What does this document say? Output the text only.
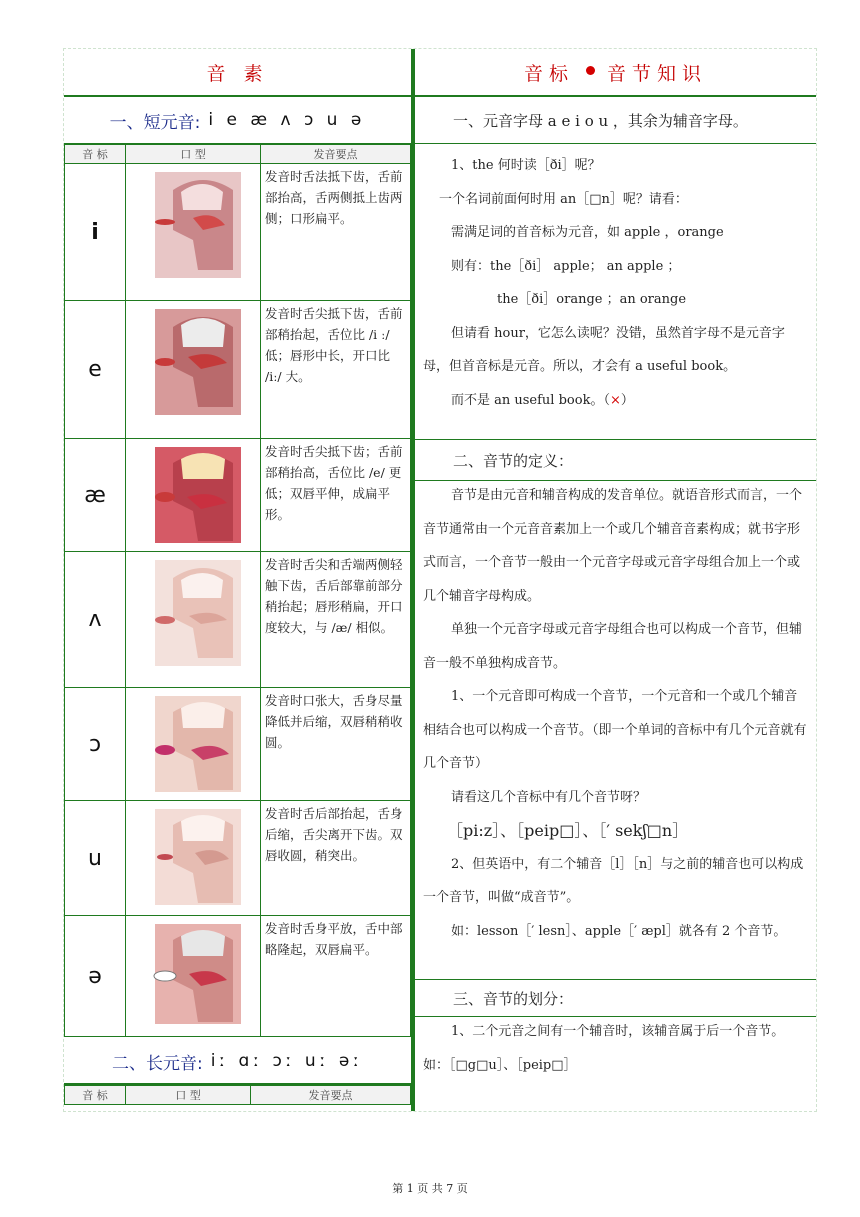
音 素
一、短元音: i e æ ʌ ɔ u ə
音 标	口 型	发音要点
i		发音时舌法抵下齿，舌前部抬高，舌两侧抵上齿两侧；口形扁平。
e		发音时舌尖抵下齿，舌前部稍抬起，舌位比 /i ː/ 低；唇形中长，开口比 /iː/ 大。
æ		发音时舌尖抵下齿；舌前部稍抬高，舌位比 /e/ 更低；双唇平伸，成扁平形。
ʌ		发音时舌尖和舌端两侧轻触下齿，舌后部靠前部分稍抬起；唇形稍扁，开口度较大，与 /æ/ 相似。
ɔ		发音时口张大，舌身尽量降低并后缩，双唇稍稍收圆。
u		发音时舌后部抬起，舌身后缩，舌尖离开下齿。双唇收圆，稍突出。
ə		发音时舌身平放，舌中部略隆起，双唇扁平。
二、长元音: iː ɑː ɔː uː əː
音 标	口 型	发音要点
音标 音节知识
一、元音字母 a e i o u ，其余为辅音字母。

1、the 何时读［ði］呢？

一个名词前面何时用 an［□n］呢？请看：

需满足词的首音标为元音，如 apple ，orange

则有：the［ði］ apple； an apple ；

the［ði］orange ；an orange

但请看 hour，它怎么读呢？没错，虽然首字母不是元音字母，但首音标是元音。所以，才会有 a useful book。

而不是 an useful book。（×）

二、音节的定义：

音节是由元音和辅音构成的发音单位。就语音形式而言，一个音节通常由一个元音音素加上一个或几个辅音音素构成；就书字形式而言，一个音节一般由一个元音字母或元音字母组合加上一个或几个辅音字母构成。

单独一个元音字母或元音字母组合也可以构成一个音节，但辅音一般不单独构成音节。

1、一个元音即可构成一个音节，一个元音和一个或几个辅音相结合也可以构成一个音节。（即一个单词的音标中有几个元音就有几个音节）

请看这几个音标中有几个音节呀？

［pi:z］、［peip□］、［′ sekʃ□n］

2、但英语中，有二个辅音［l］［n］与之前的辅音也可以构成一个音节，叫做“成音节”。

如：lesson［′ lesn］、apple［′ æpl］就各有 2 个音节。

三、音节的划分：

1、二个元音之间有一个辅音时，该辅音属于后一个音节。如：［□g□u］、［peip□］

第 1 页 共 7 页
